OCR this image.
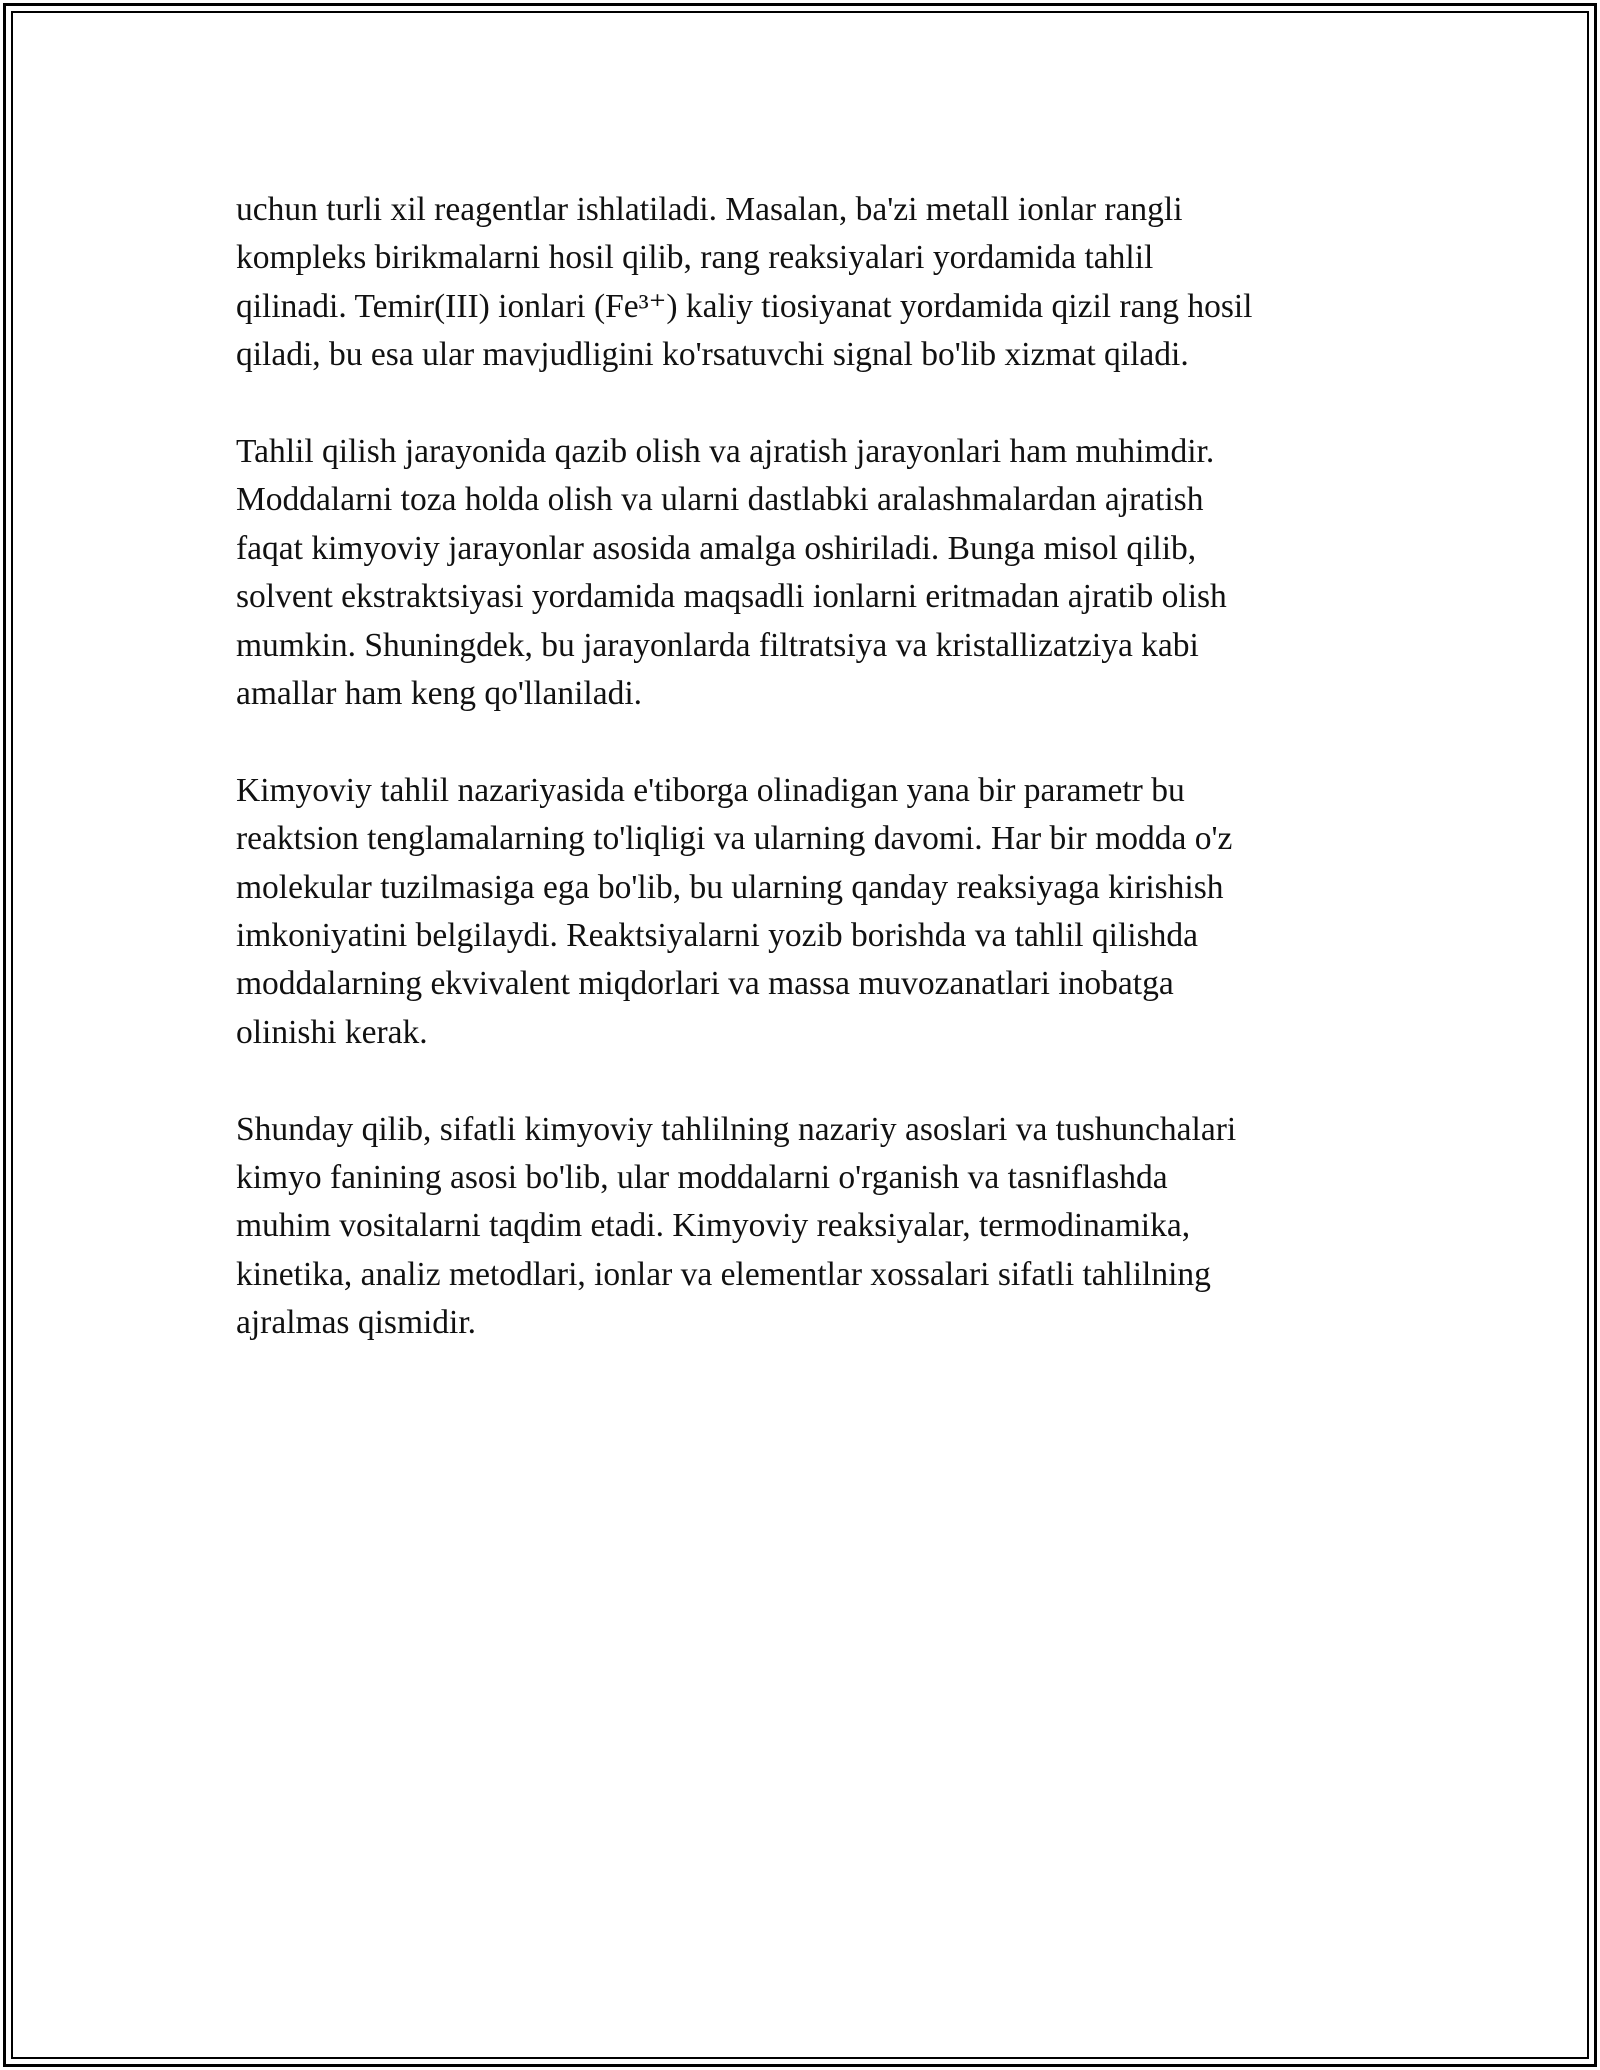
uchun turli xil reagentlar ishlatiladi. Masalan, ba'zi metall ionlar rangli
kompleks birikmalarni hosil qilib, rang reaksiyalari yordamida tahlil
qilinadi. Temir(III) ionlari (Fe³⁺) kaliy tiosiyanat yordamida qizil rang hosil
qiladi, bu esa ular mavjudligini ko'rsatuvchi signal bo'lib xizmat qiladi.

Tahlil qilish jarayonida qazib olish va ajratish jarayonlari ham muhimdir.
Moddalarni toza holda olish va ularni dastlabki aralashmalardan ajratish
faqat kimyoviy jarayonlar asosida amalga oshiriladi. Bunga misol qilib,
solvent ekstraktsiyasi yordamida maqsadli ionlarni eritmadan ajratib olish
mumkin. Shuningdek, bu jarayonlarda filtratsiya va kristallizatziya kabi
amallar ham keng qo'llaniladi.

Kimyoviy tahlil nazariyasida e'tiborga olinadigan yana bir parametr bu
reaktsion tenglamalarning to'liqligi va ularning davomi. Har bir modda o'z
molekular tuzilmasiga ega bo'lib, bu ularning qanday reaksiyaga kirishish
imkoniyatini belgilaydi. Reaktsiyalarni yozib borishda va tahlil qilishda
moddalarning ekvivalent miqdorlari va massa muvozanatlari inobatga
olinishi kerak.

Shunday qilib, sifatli kimyoviy tahlilning nazariy asoslari va tushunchalari
kimyo fanining asosi bo'lib, ular moddalarni o'rganish va tasniflashda
muhim vositalarni taqdim etadi. Kimyoviy reaksiyalar, termodinamika,
kinetika, analiz metodlari, ionlar va elementlar xossalari sifatli tahlilning
ajralmas qismidir.
